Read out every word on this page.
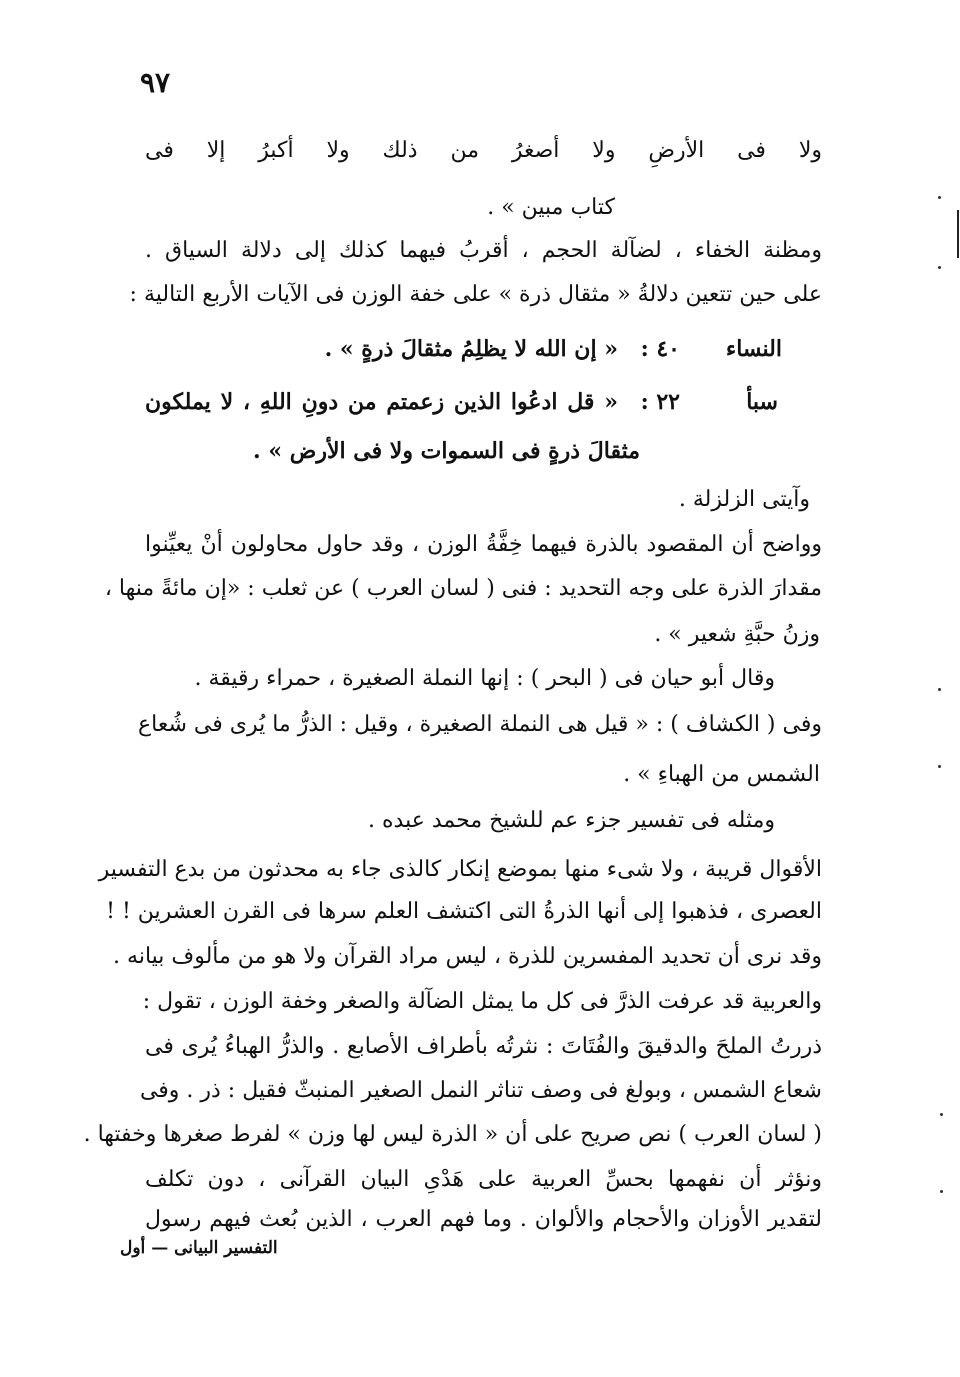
٩٧
ولا فى الأرضِ ولا أصغرُ من ذلك ولا أكبرُ إلا فى
كتاب مبين » .
ومظنة الخفاء ، لضآلة الحجم ، أقربُ فيهما كذلك إلى دلالة السياق .
على حين تتعين دلالةُ « مثقال ذرة » على خفة الوزن فى الآيات الأربع التالية :
النساء
٤٠ :
« إن الله لا يظلِمُ مثقالَ ذرةٍ » .
سبأ
٢٢ :
« قل ادعُوا الذين زعمتم من دونِ اللهِ ، لا يملكون
مثقالَ ذرةٍ فى السموات ولا فى الأرض » .
وآيتى الزلزلة .
وواضح أن المقصود بالذرة فيهما خِفَّةُ الوزن ، وقد حاول محاولون أنْ يعيِّنوا
مقدارَ الذرة على وجه التحديد : فنى ( لسان العرب ) عن ثعلب : «إن مائةً منها ،
وزنُ حبَّةِ شعير » .
وقال أبو حيان فى ( البحر ) : إنها النملة الصغيرة ، حمراء رقيقة .
وفى ( الكشاف ) : « قيل هى النملة الصغيرة ، وقيل : الذرُّ ما يُرى فى شُعاع
الشمس من الهباءِ » .
ومثله فى تفسير جزء عم للشيخ محمد عبده .
الأقوال قريبة ، ولا شىء منها بموضع إنكار كالذى جاء به محدثون من بدع التفسير
العصرى ، فذهبوا إلى أنها الذرةُ التى اكتشف العلم سرها فى القرن العشرين ! !
وقد نرى أن تحديد المفسرين للذرة ، ليس مراد القرآن ولا هو من مألوف بيانه .
والعربية قد عرفت الذرَّ فى كل ما يمثل الضآلة والصغر وخفة الوزن ، تقول :
ذررتُ الملحَ والدقيقَ والفُتَاتَ : نثرتُه بأطراف الأصابع . والذرُّ الهباءُ يُرى فى
شعاع الشمس ، وبولغ فى وصف تناثر النمل الصغير المنبثّ فقيل : ذر . وفى
( لسان العرب ) نص صريح على أن « الذرة ليس لها وزن » لفرط صغرها وخفتها .
ونؤثر أن نفهمها بحسِّ العربية على هَدْىِ البيان القرآنى ، دون تكلف
لتقدير الأوزان والأحجام والألوان . وما فهم العرب ، الذين بُعث فيهم رسول
التفسير البيانى — أول
